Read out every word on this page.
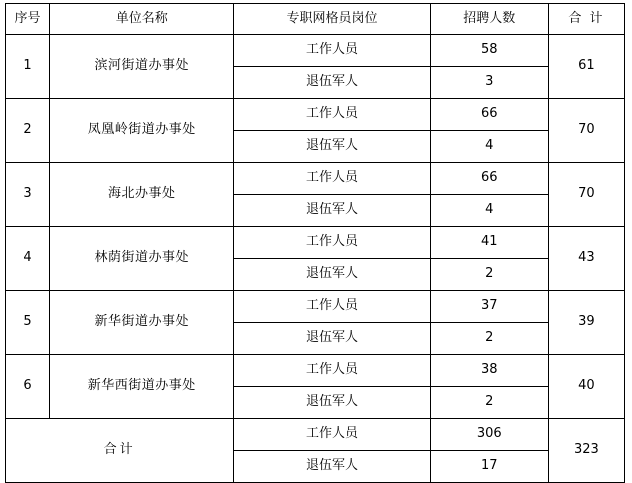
序号	单位名称	专职网格员岗位	招聘人数	合 计
1	滨河街道办事处	工作人员	58	61
		退伍军人	3	
2	凤凰岭街道办事处	工作人员	66	70
		退伍军人	4	
3	海北办事处	工作人员	66	70
		退伍军人	4	
4	林荫街道办事处	工作人员	41	43
		退伍军人	2	
5	新华街道办事处	工作人员	37	39
		退伍军人	2	
6	新华西街道办事处	工作人员	38	40
		退伍军人	2	
合计		工作人员	306	323
		退伍军人	17	
